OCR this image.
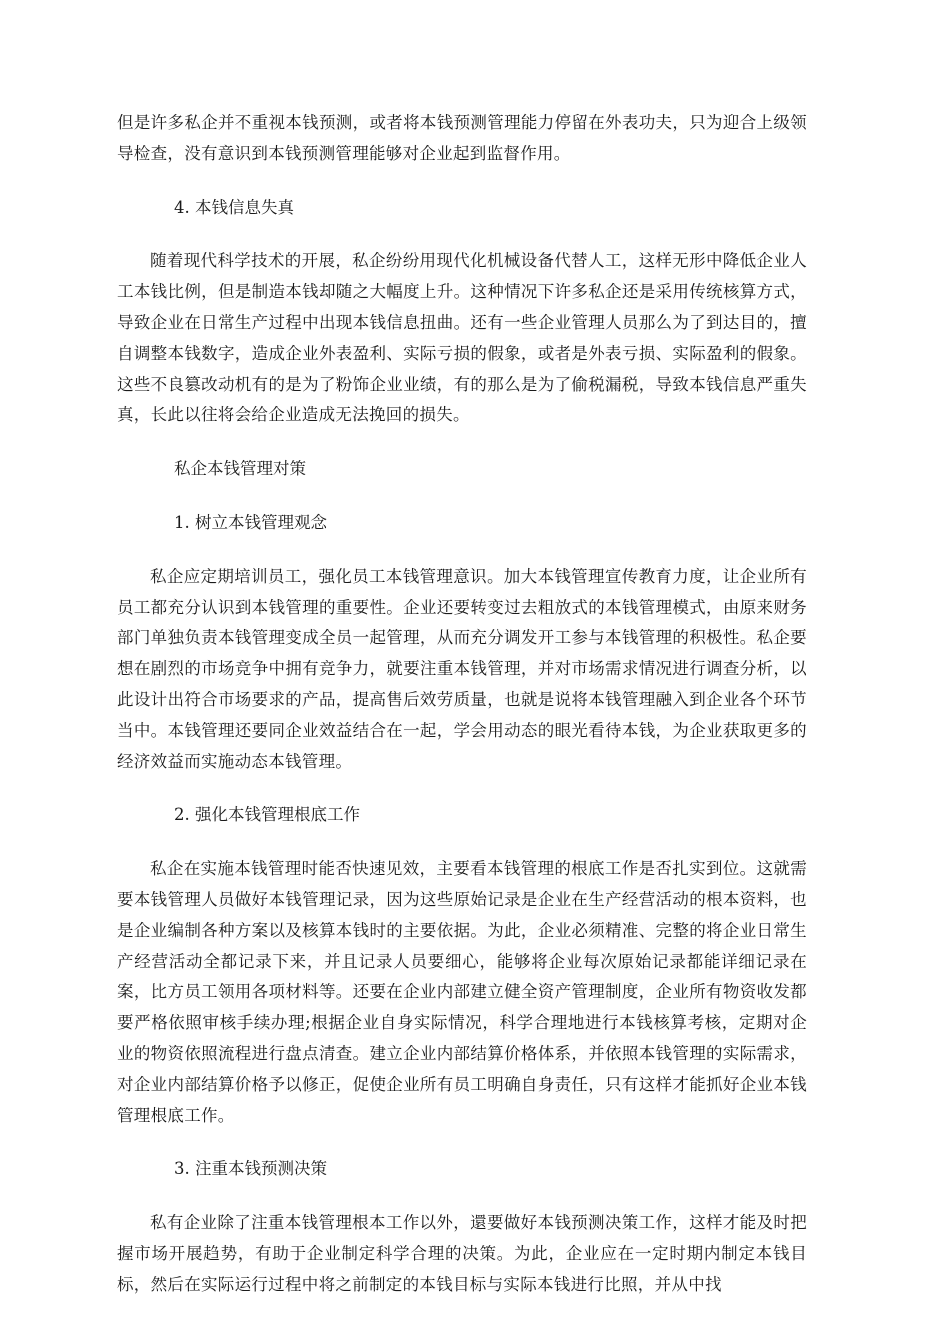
但是许多私企并不重视本钱预测，或者将本钱预测管理能力停留在外表功夫，只为迎合上级领导检查，没有意识到本钱预测管理能够对企业起到监督作用。

4. 本钱信息失真

随着现代科学技术的开展，私企纷纷用现代化机械设备代替人工，这样无形中降低企业人工本钱比例，但是制造本钱却随之大幅度上升。这种情况下许多私企还是采用传统核算方式，导致企业在日常生产过程中出现本钱信息扭曲。还有一些企业管理人员那么为了到达目的，擅自调整本钱数字，造成企业外表盈利、实际亏损的假象，或者是外表亏损、实际盈利的假象。这些不良篡改动机有的是为了粉饰企业业绩，有的那么是为了偷税漏税，导致本钱信息严重失真，长此以往将会给企业造成无法挽回的损失。

私企本钱管理对策

1. 树立本钱管理观念

私企应定期培训员工，强化员工本钱管理意识。加大本钱管理宣传教育力度，让企业所有员工都充分认识到本钱管理的重要性。企业还要转变过去粗放式的本钱管理模式，由原来财务部门单独负责本钱管理变成全员一起管理，从而充分调发开工参与本钱管理的积极性。私企要想在剧烈的市场竞争中拥有竞争力，就要注重本钱管理，并对市场需求情况进行调查分析，以此设计出符合市场要求的产品，提高售后效劳质量，也就是说将本钱管理融入到企业各个环节当中。本钱管理还要同企业效益结合在一起，学会用动态的眼光看待本钱，为企业获取更多的经济效益而实施动态本钱管理。

2. 强化本钱管理根底工作

私企在实施本钱管理时能否快速见效，主要看本钱管理的根底工作是否扎实到位。这就需要本钱管理人员做好本钱管理记录，因为这些原始记录是企业在生产经营活动的根本资料，也是企业编制各种方案以及核算本钱时的主要依据。为此，企业必须精准、完整的将企业日常生产经营活动全都记录下来，并且记录人员要细心，能够将企业每次原始记录都能详细记录在案，比方员工领用各项材料等。还要在企业内部建立健全资产管理制度，企业所有物资收发都要严格依照审核手续办理;根据企业自身实际情况，科学合理地进行本钱核算考核，定期对企业的物资依照流程进行盘点清查。建立企业内部结算价格体系，并依照本钱管理的实际需求，对企业内部结算价格予以修正，促使企业所有员工明确自身责任，只有这样才能抓好企业本钱管理根底工作。

3. 注重本钱预测决策

私有企业除了注重本钱管理根本工作以外，還要做好本钱预测决策工作，这样才能及时把握市场开展趋势，有助于企业制定科学合理的决策。为此，企业应在一定时期内制定本钱目标，然后在实际运行过程中将之前制定的本钱目标与实际本钱进行比照，并从中找
